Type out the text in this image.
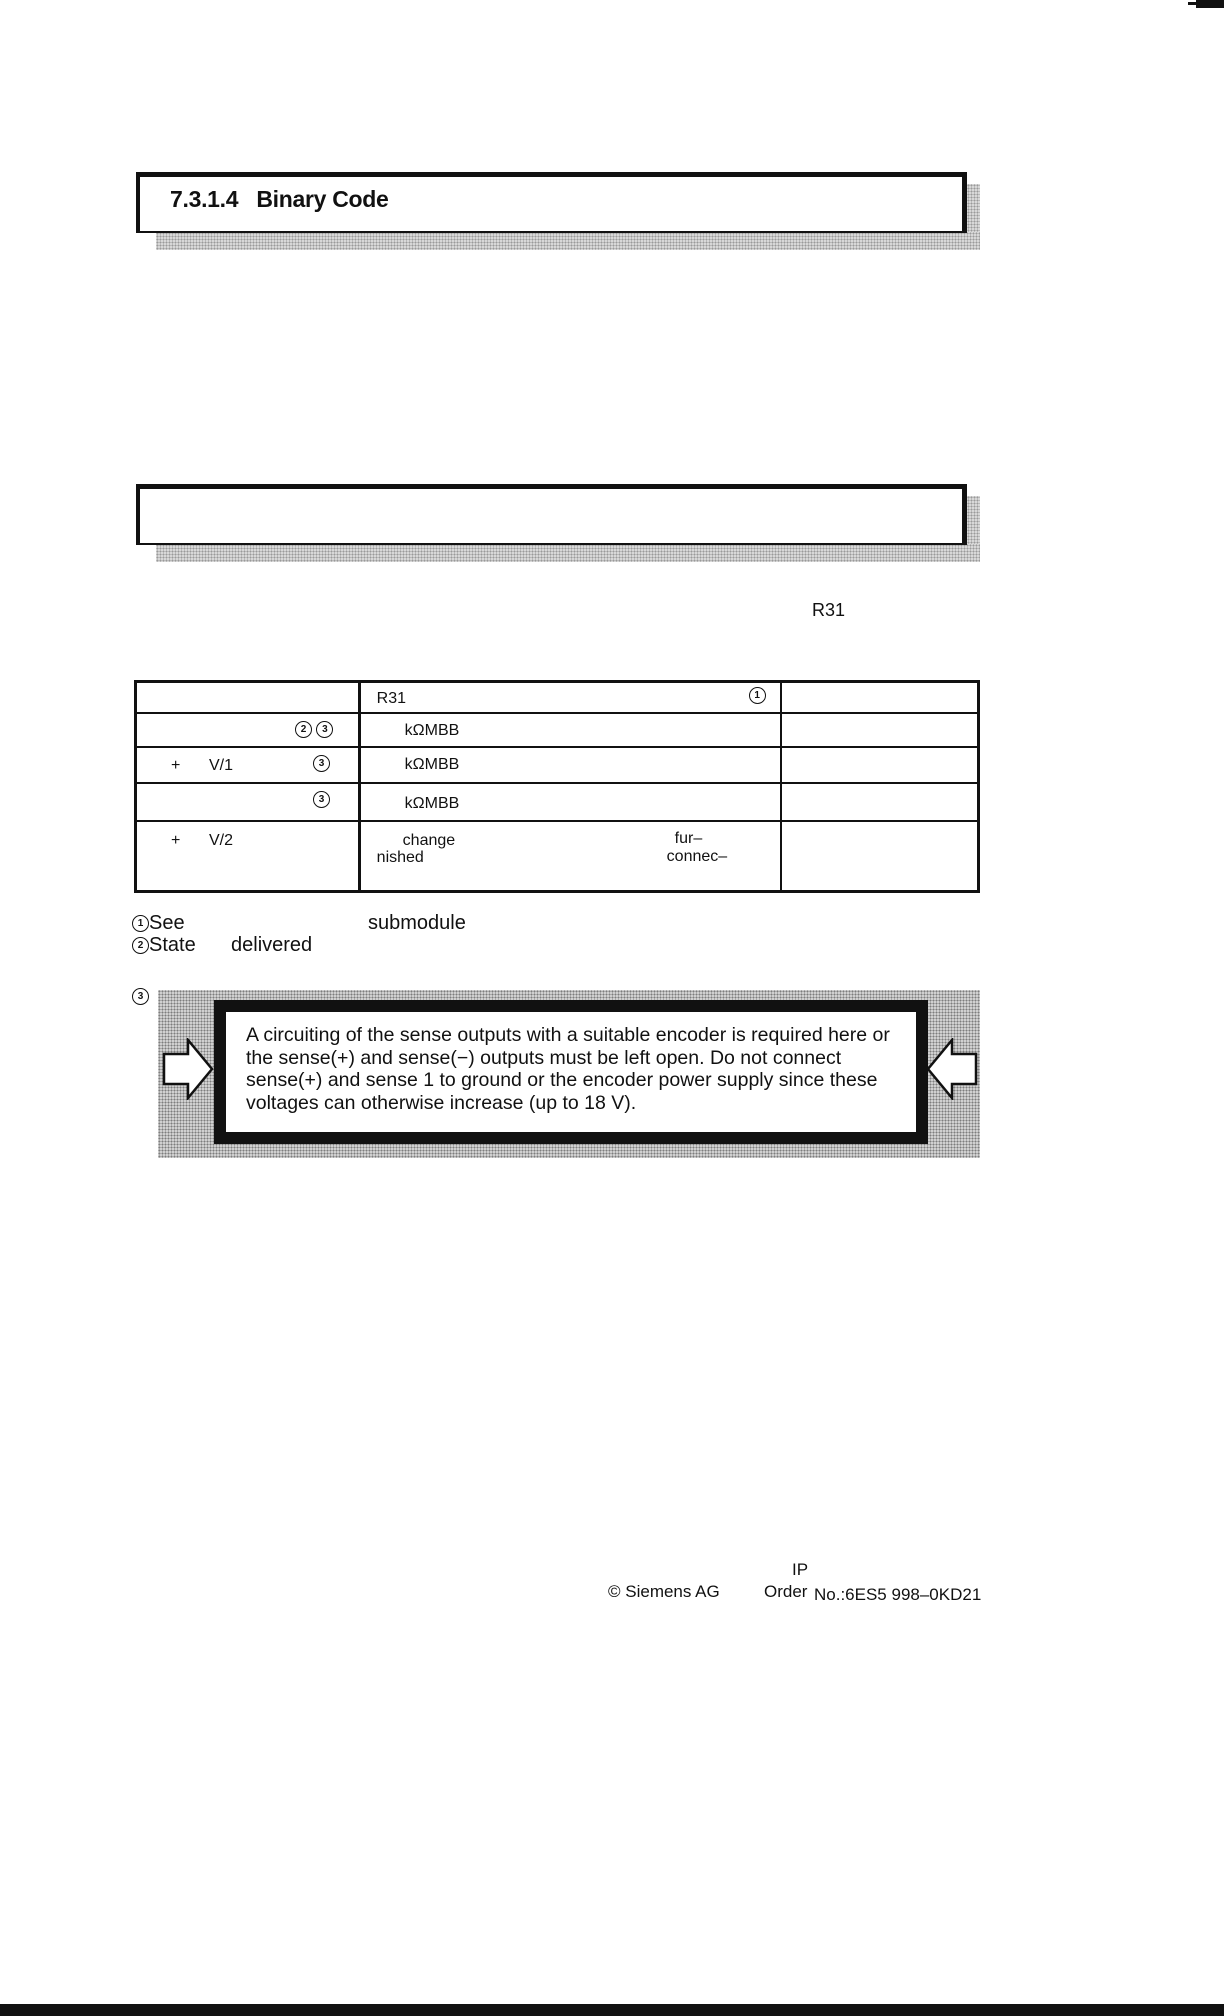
7.3.1.4 Binary Code
R31

	R31 1	

2 3	kΩMBB	

+ V/1 3	kΩMBB	

3	kΩMBB	

+ V/2	change fur–
nished connec–	

1 See	submodule
2 State delivered
3
A circuiting of the sense outputs with a suitable encoder is required here or the sense(+) and sense(−) outputs must be left open. Do not connect sense(+) and sense 1 to ground or the encoder power supply since these voltages can otherwise increase (up to 18 V).
IP
© Siemens AG	Order No.:6ES5 998–0KD21
